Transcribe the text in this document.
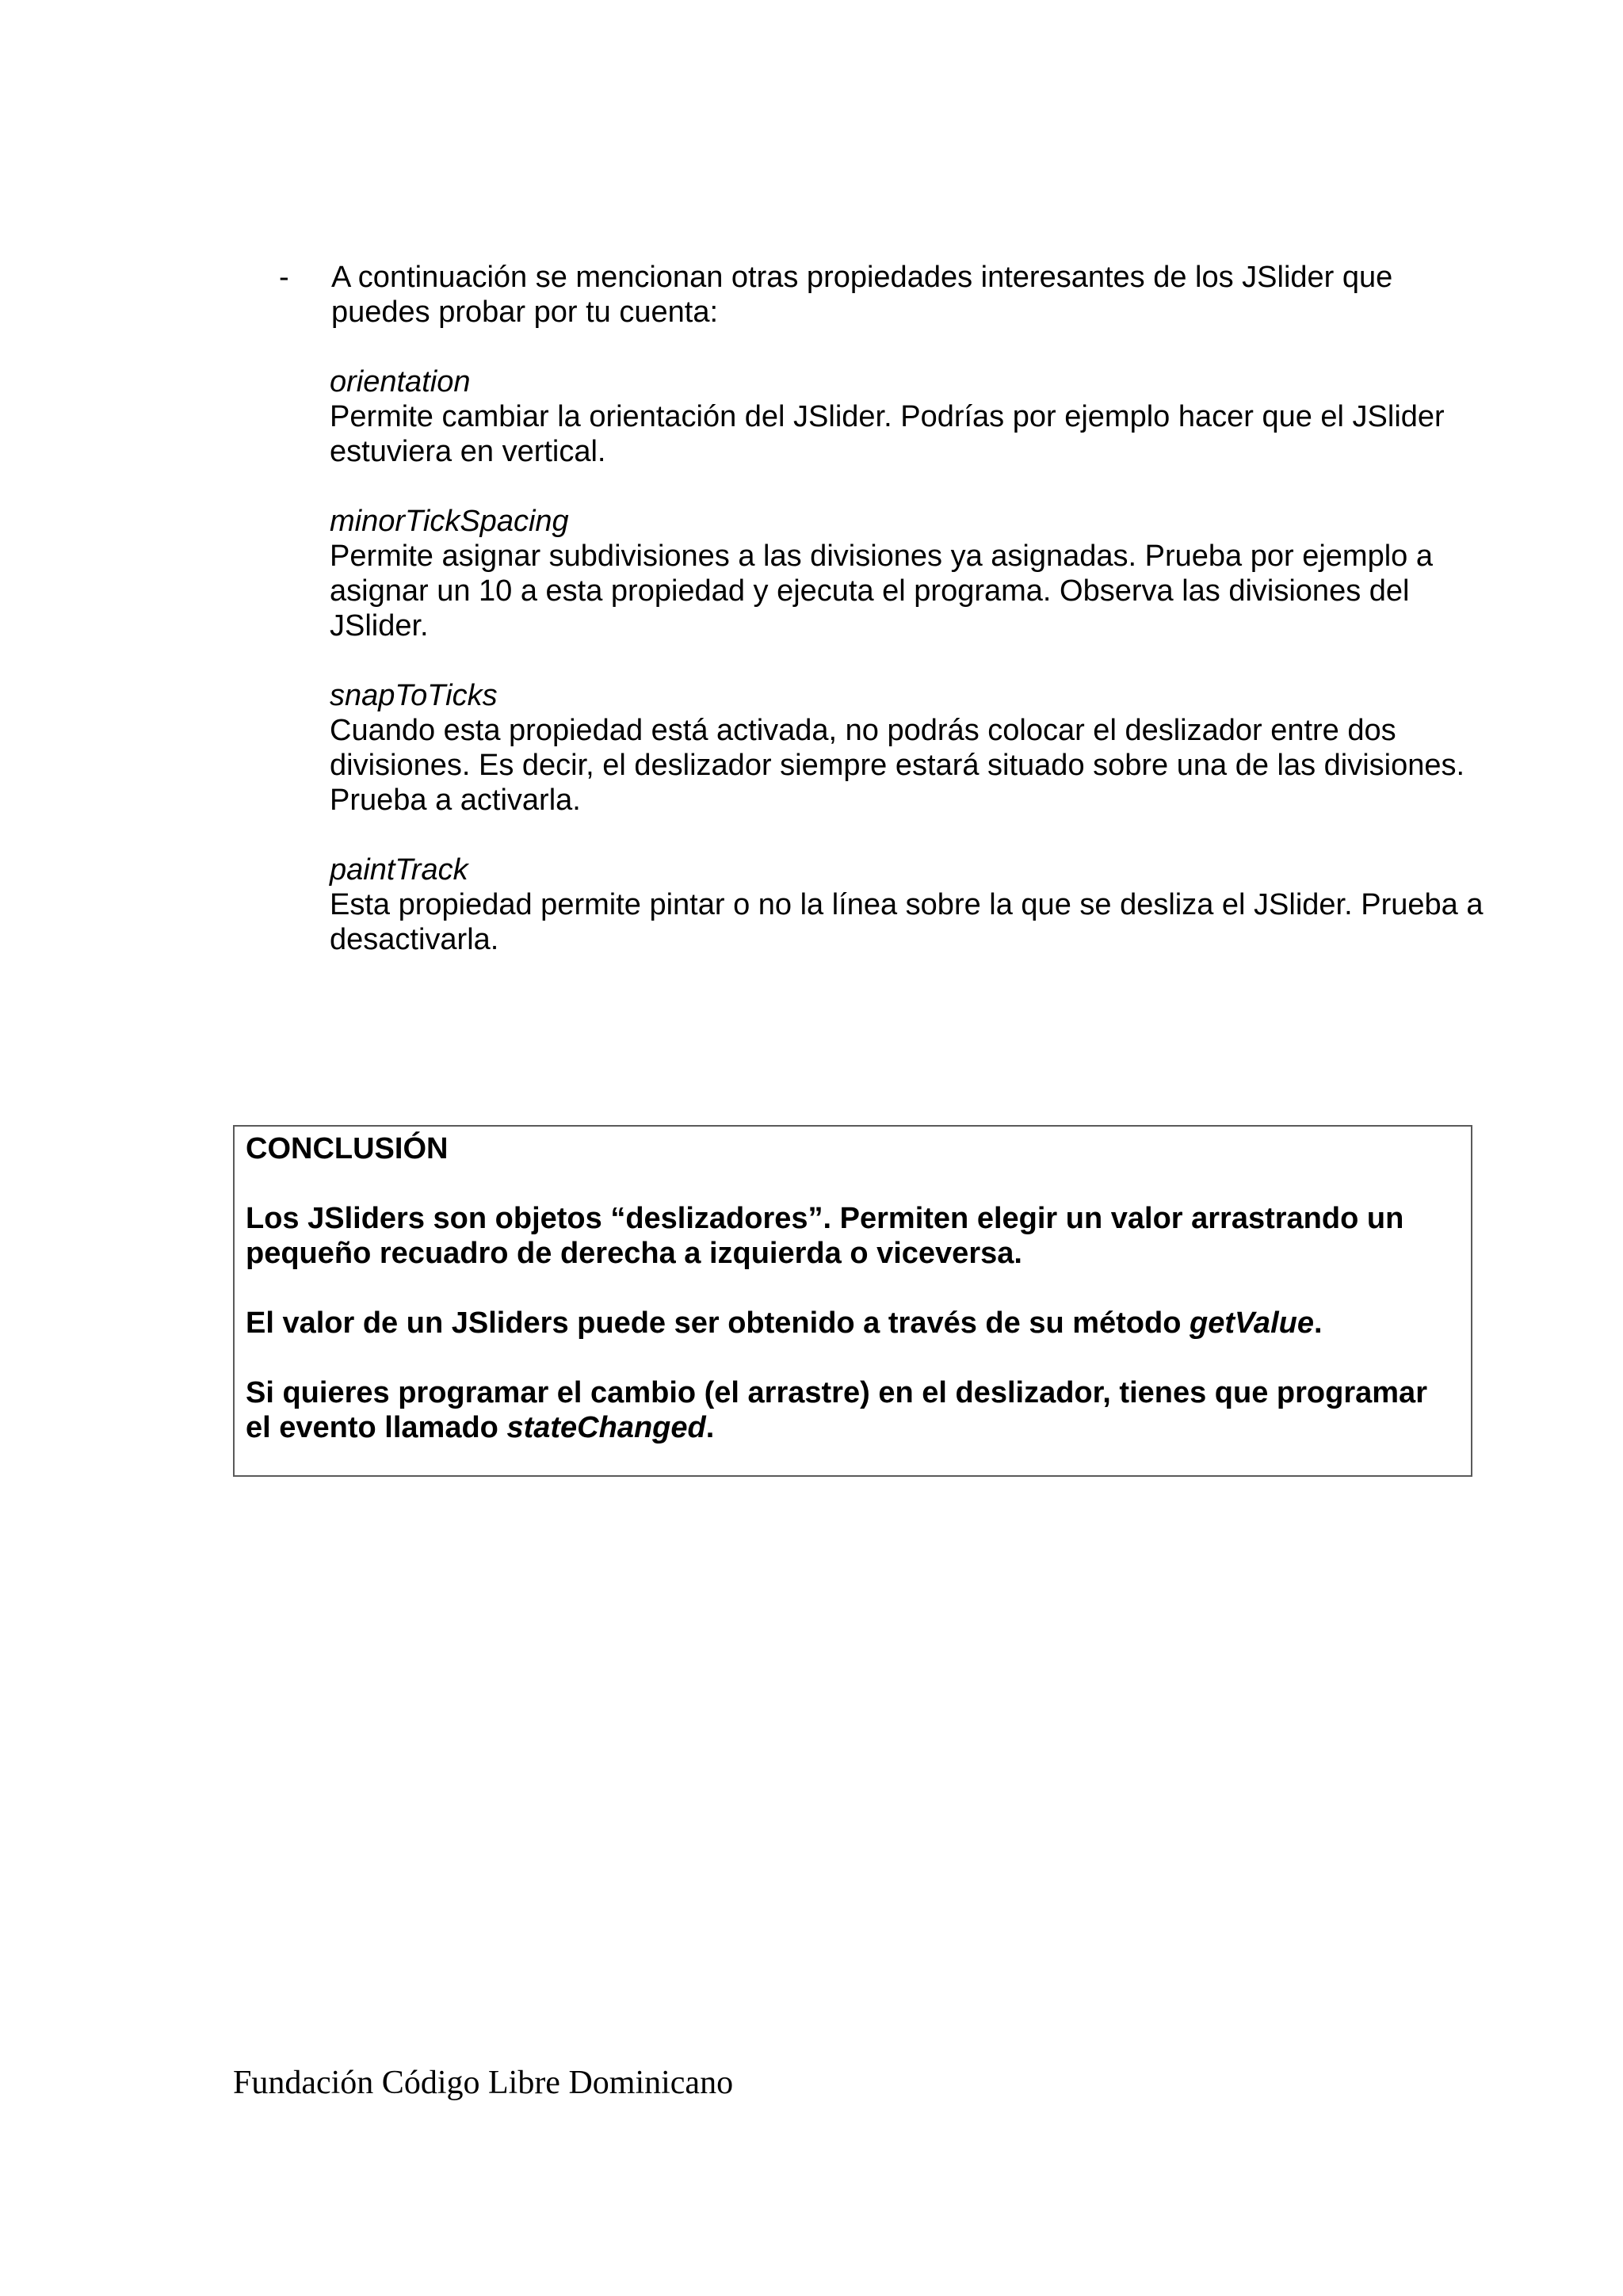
- A continuación se mencionan otras propiedades interesantes de los JSlider que puedes probar por tu cuenta:
orientation
Permite cambiar la orientación del JSlider. Podrías por ejemplo hacer que el JSlider estuviera en vertical.
minorTickSpacing
Permite asignar subdivisiones a las divisiones ya asignadas. Prueba por ejemplo a asignar un 10 a esta propiedad y ejecuta el programa. Observa las divisiones del JSlider.
snapToTicks
Cuando esta propiedad está activada, no podrás colocar el deslizador entre dos divisiones. Es decir, el deslizador siempre estará situado sobre una de las divisiones. Prueba a activarla.
paintTrack
Esta propiedad permite pintar o no la línea sobre la que se desliza el JSlider. Prueba a desactivarla.

CONCLUSIÓN

Los JSliders son objetos “deslizadores”. Permiten elegir un valor arrastrando un pequeño recuadro de derecha a izquierda o viceversa.

El valor de un JSliders puede ser obtenido a través de su método getValue.

Si quieres programar el cambio (el arrastre) en el deslizador, tienes que programar el evento llamado stateChanged.

Fundación Código Libre Dominicano
